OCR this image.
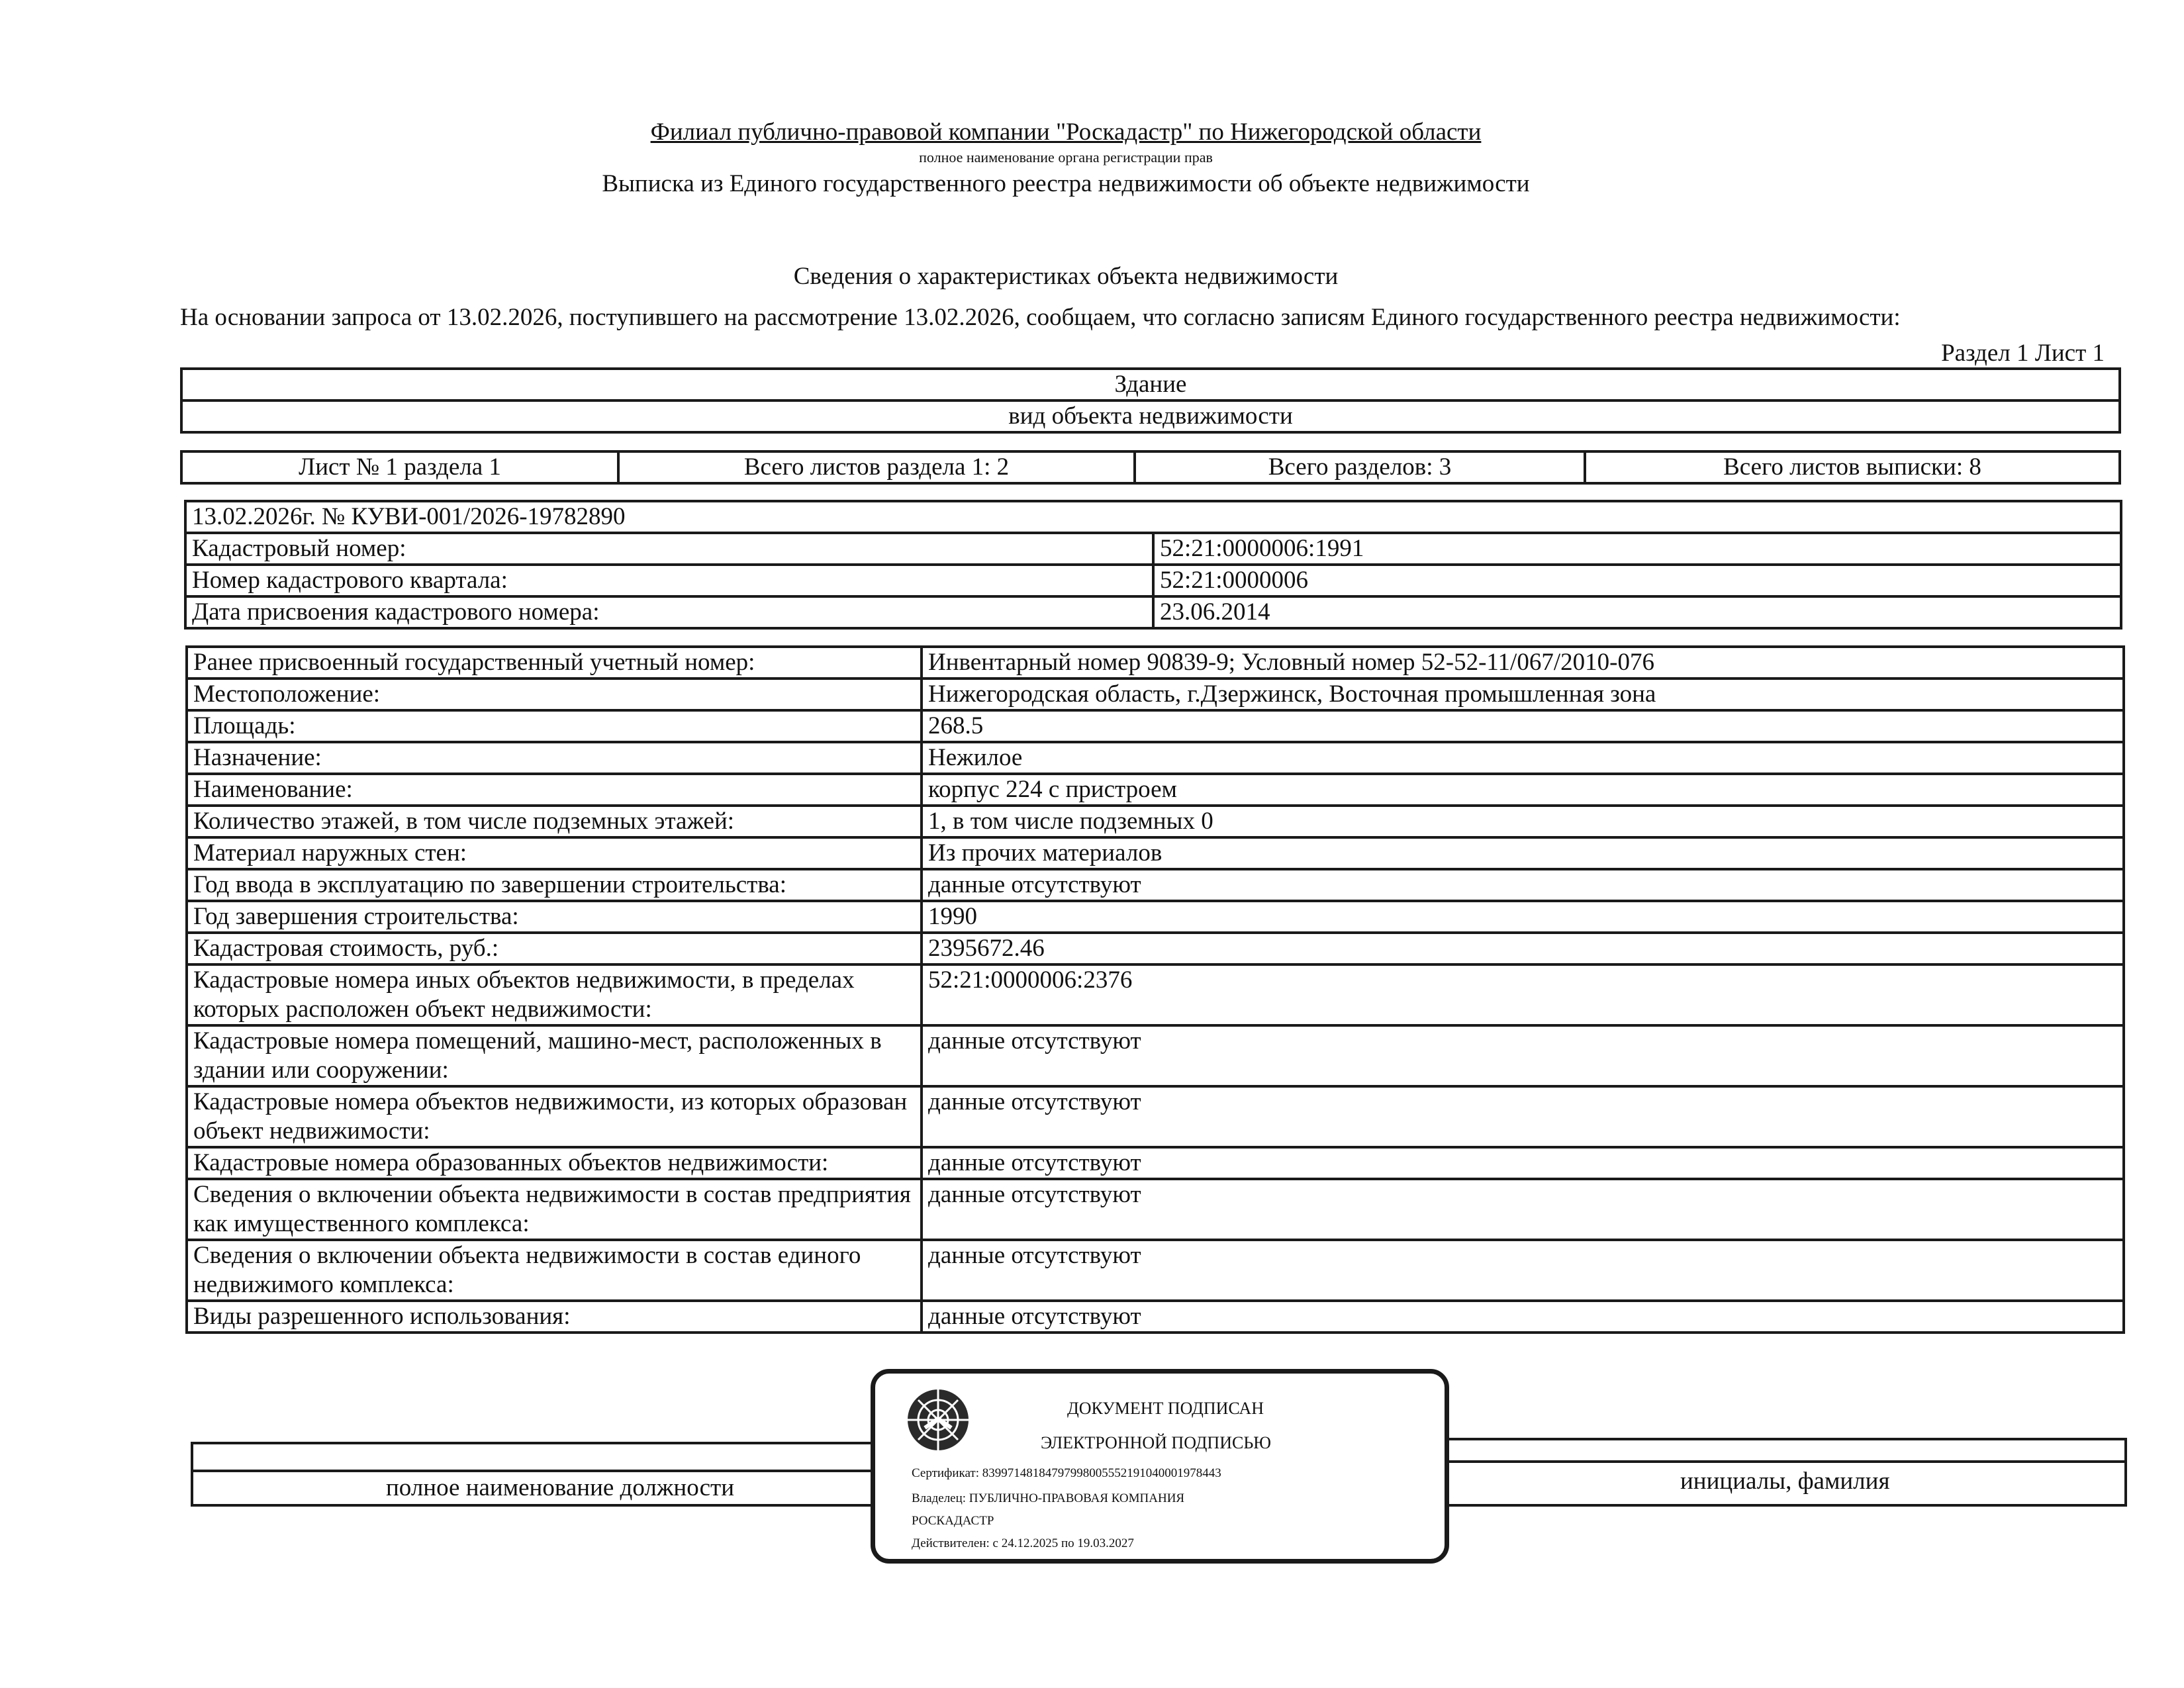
Филиал публично-правовой компании "Роскадастр" по Нижегородской области
полное наименование органа регистрации прав
Выписка из Единого государственного реестра недвижимости об объекте недвижимости
Сведения о характеристиках объекта недвижимости
На основании запроса от 13.02.2026, поступившего на рассмотрение 13.02.2026, сообщаем, что согласно записям Единого государственного реестра недвижимости:
Раздел 1 Лист 1
Здание
вид объекта недвижимости
Лист № 1 раздела 1	Всего листов раздела 1: 2	Всего разделов: 3	Всего листов выписки: 8
13.02.2026г. № КУВИ-001/2026-19782890	
Кадастровый номер:	52:21:0000006:1991
Номер кадастрового квартала:	52:21:0000006
Дата присвоения кадастрового номера:	23.06.2014
Ранее присвоенный государственный учетный номер:	Инвентарный номер 90839-9; Условный номер 52-52-11/067/2010-076
Местоположение:	Нижегородская область, г.Дзержинск, Восточная промышленная зона
Площадь:	268.5
Назначение:	Нежилое
Наименование:	корпус 224 с пристроем
Количество этажей, в том числе подземных этажей:	1, в том числе подземных 0
Материал наружных стен:	Из прочих материалов
Год ввода в эксплуатацию по завершении строительства:	данные отсутствуют
Год завершения строительства:	1990
Кадастровая стоимость, руб.:	2395672.46
Кадастровые номера иных объектов недвижимости, в пределах которых расположен объект недвижимости:	52:21:0000006:2376
Кадастровые номера помещений, машино-мест, расположенных в здании или сооружении:	данные отсутствуют
Кадастровые номера объектов недвижимости, из которых образован объект недвижимости:	данные отсутствуют
Кадастровые номера образованных объектов недвижимости:	данные отсутствуют
Сведения о включении объекта недвижимости в состав предприятия как имущественного комплекса:	данные отсутствуют
Сведения о включении объекта недвижимости в состав единого недвижимого комплекса:	данные отсутствуют
Виды разрешенного использования:	данные отсутствуют
полное наименование должности	инициалы, фамилия
ДОКУМЕНТ ПОДПИСАН
ЭЛЕКТРОННОЙ ПОДПИСЬЮ
Сертификат: 83997148184797998005552191040001978443
Владелец: ПУБЛИЧНО-ПРАВОВАЯ КОМПАНИЯ
РОСКАДАСТР
Действителен: с 24.12.2025 по 19.03.2027
